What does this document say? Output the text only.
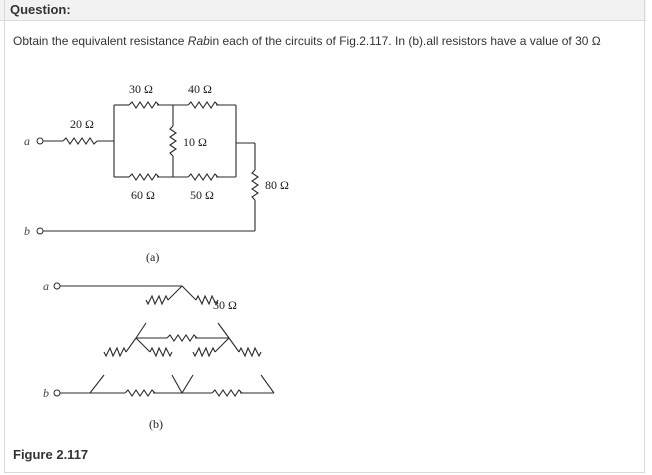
Question:
Obtain the equivalent resistance Rabin each of the circuits of Fig.2.117. In (b).all resistors have a value of 30 Ω
a
b
30 Ω	40 Ω
20 Ω
10 Ω
60 Ω	50 Ω
80 Ω
(a)
a
b
30 Ω
(b)
Figure 2.117
